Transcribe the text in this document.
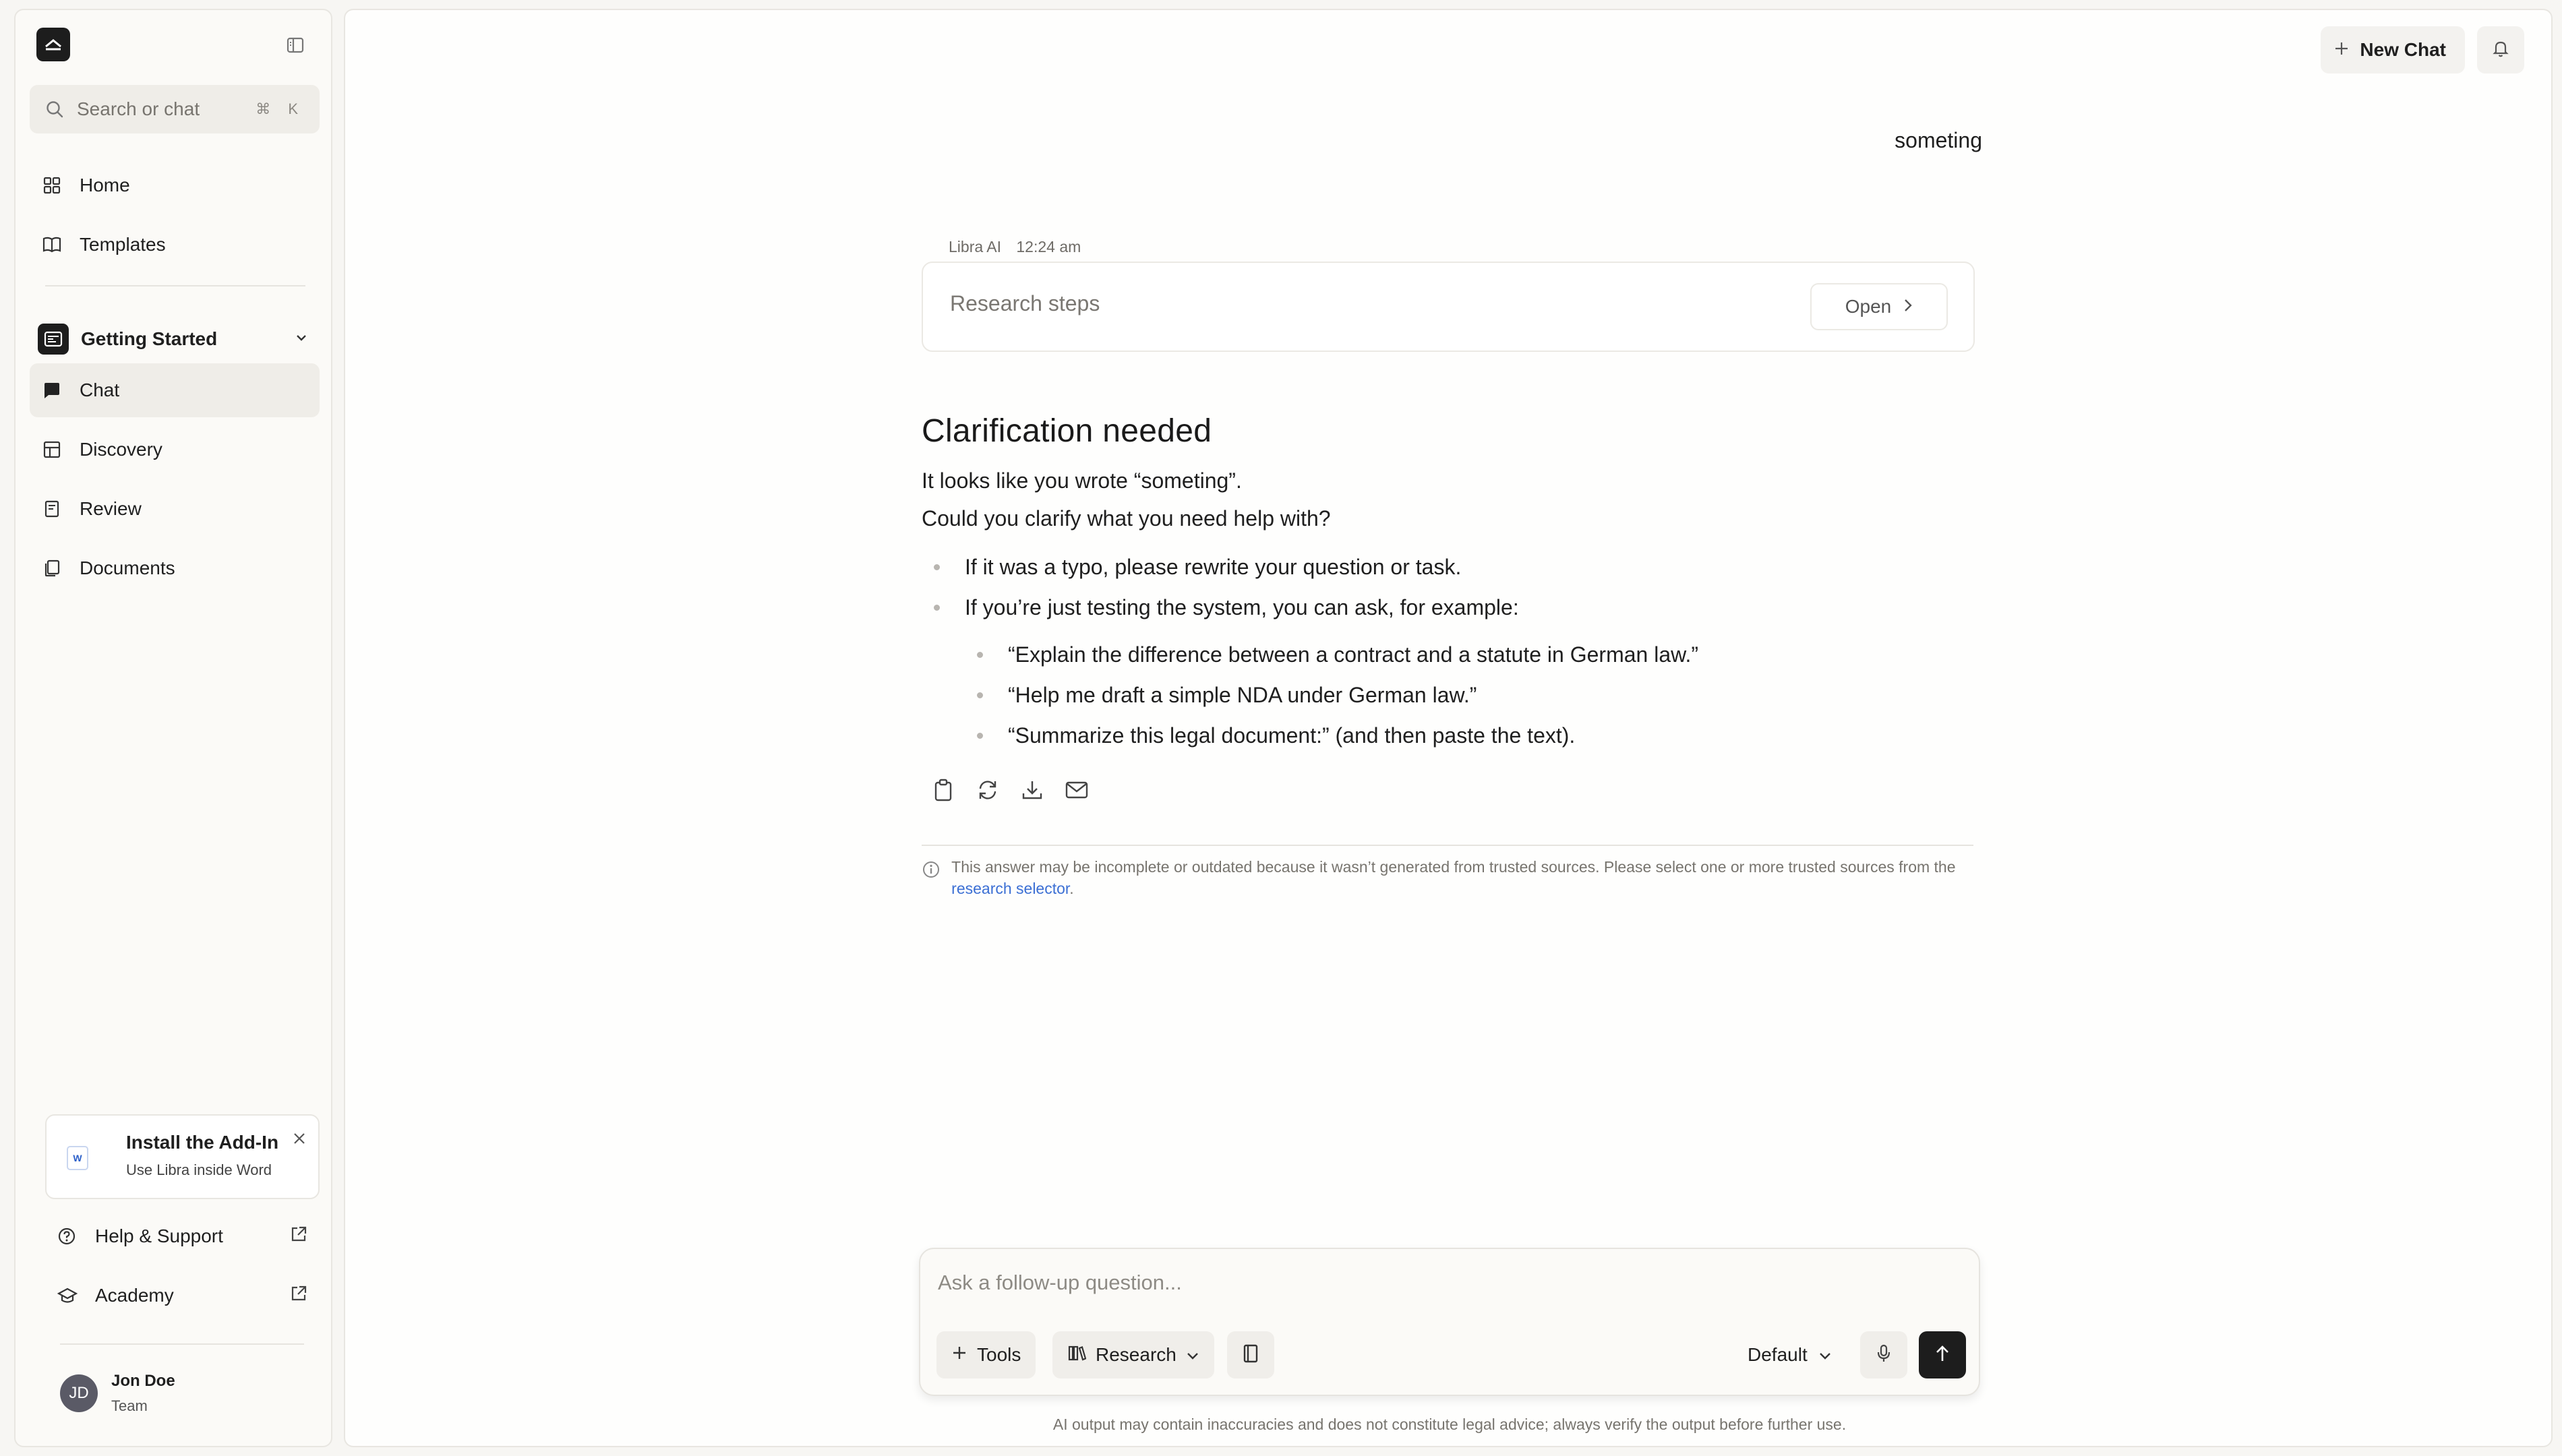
Search or chat	⌘ K
Home
Templates
Getting Started
Chat
Discovery
Review
Documents
W
Install the Add-In
Use Libra inside Word
Help & Support
Academy
JD
Jon Doe
Team
New Chat
someting
Libra AI 12:24 am
Research steps	Open
Clarification needed
It looks like you wrote “someting”.
Could you clarify what you need help with?
If it was a typo, please rewrite your question or task.
If you’re just testing the system, you can ask, for example:
“Explain the difference between a contract and a statute in German law.”
“Help me draft a simple NDA under German law.”
“Summarize this legal document:” (and then paste the text).
This answer may be incomplete or outdated because it wasn’t generated from trusted sources. Please select one or more trusted sources from the research selector.
Ask a follow-up question...
Tools	Research	Default
AI output may contain inaccuracies and does not constitute legal advice; always verify the output before further use.
